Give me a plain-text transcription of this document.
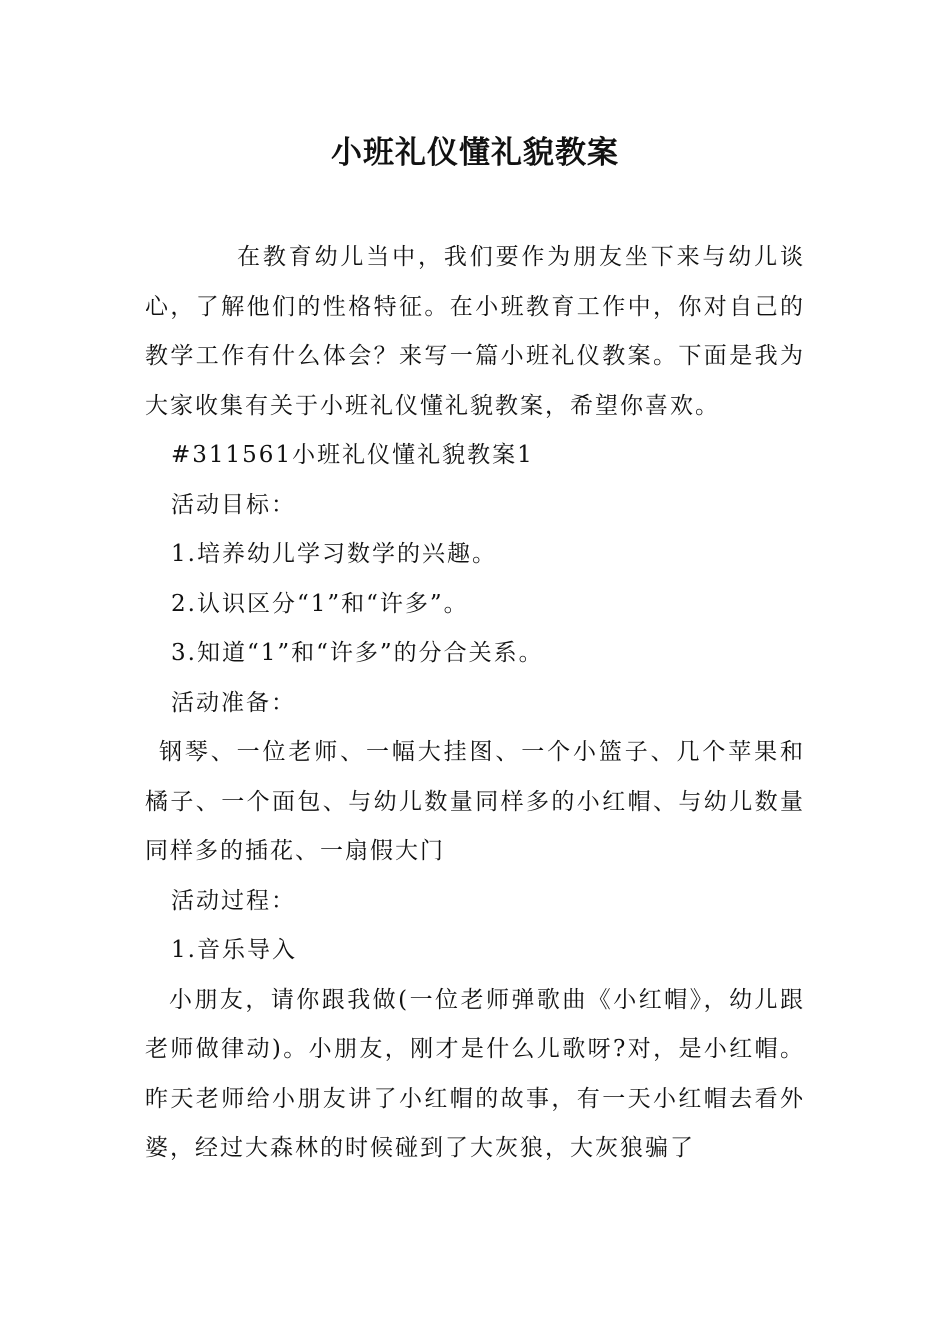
小班礼仪懂礼貌教案

在教育幼儿当中，我们要作为朋友坐下来与幼儿谈心，了解他们的性格特征。在小班教育工作中，你对自己的教学工作有什么体会？来写一篇小班礼仪教案。下面是我为大家收集有关于小班礼仪懂礼貌教案，希望你喜欢。

#311561小班礼仪懂礼貌教案1

活动目标：

1.培养幼儿学习数学的兴趣。

2.认识区分“1”和“许多”。

3.知道“1”和“许多”的分合关系。

活动准备：

钢琴、一位老师、一幅大挂图、一个小篮子、几个苹果和橘子、一个面包、与幼儿数量同样多的小红帽、与幼儿数量同样多的插花、一扇假大门

活动过程：

1.音乐导入

小朋友，请你跟我做(一位老师弹歌曲《小红帽》，幼儿跟老师做律动)。小朋友，刚才是什么儿歌呀?对，是小红帽。昨天老师给小朋友讲了小红帽的故事，有一天小红帽去看外婆，经过大森林的时候碰到了大灰狼，大灰狼骗了
